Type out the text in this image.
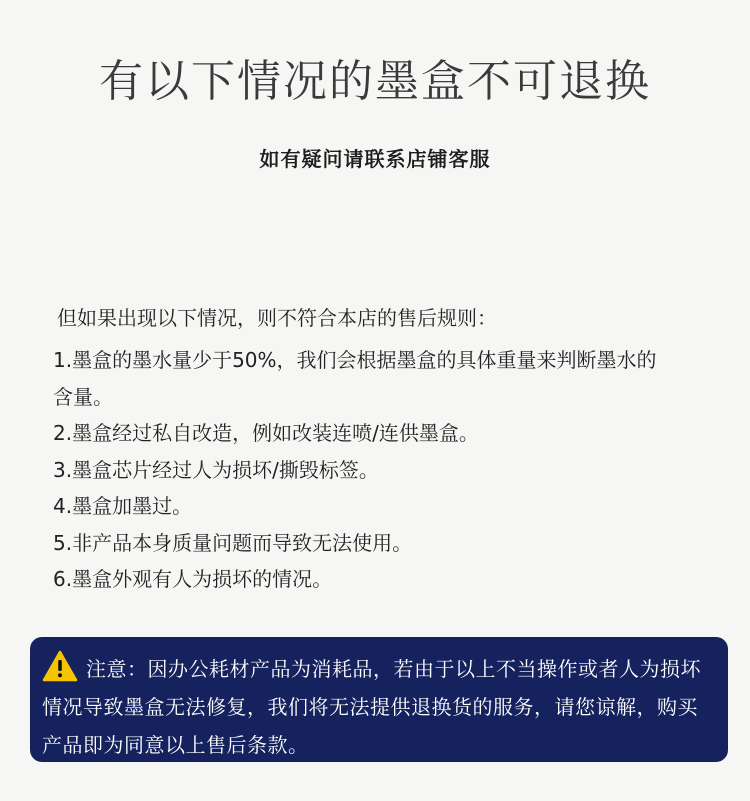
有以下情况的墨盒不可退换
如有疑问请联系店铺客服
但如果出现以下情况，则不符合本店的售后规则：
1.墨盒的墨水量少于50%，我们会根据墨盒的具体重量来判断墨水的
含量。
2.墨盒经过私自改造，例如改装连喷/连供墨盒。
3.墨盒芯片经过人为损坏/撕毁标签。
4.墨盒加墨过。
5.非产品本身质量问题而导致无法使用。
6.墨盒外观有人为损坏的情况。
注意：因办公耗材产品为消耗品，若由于以上不当操作或者人为损坏情况导致墨盒无法修复，我们将无法提供退换货的服务，请您谅解，购买产品即为同意以上售后条款。
